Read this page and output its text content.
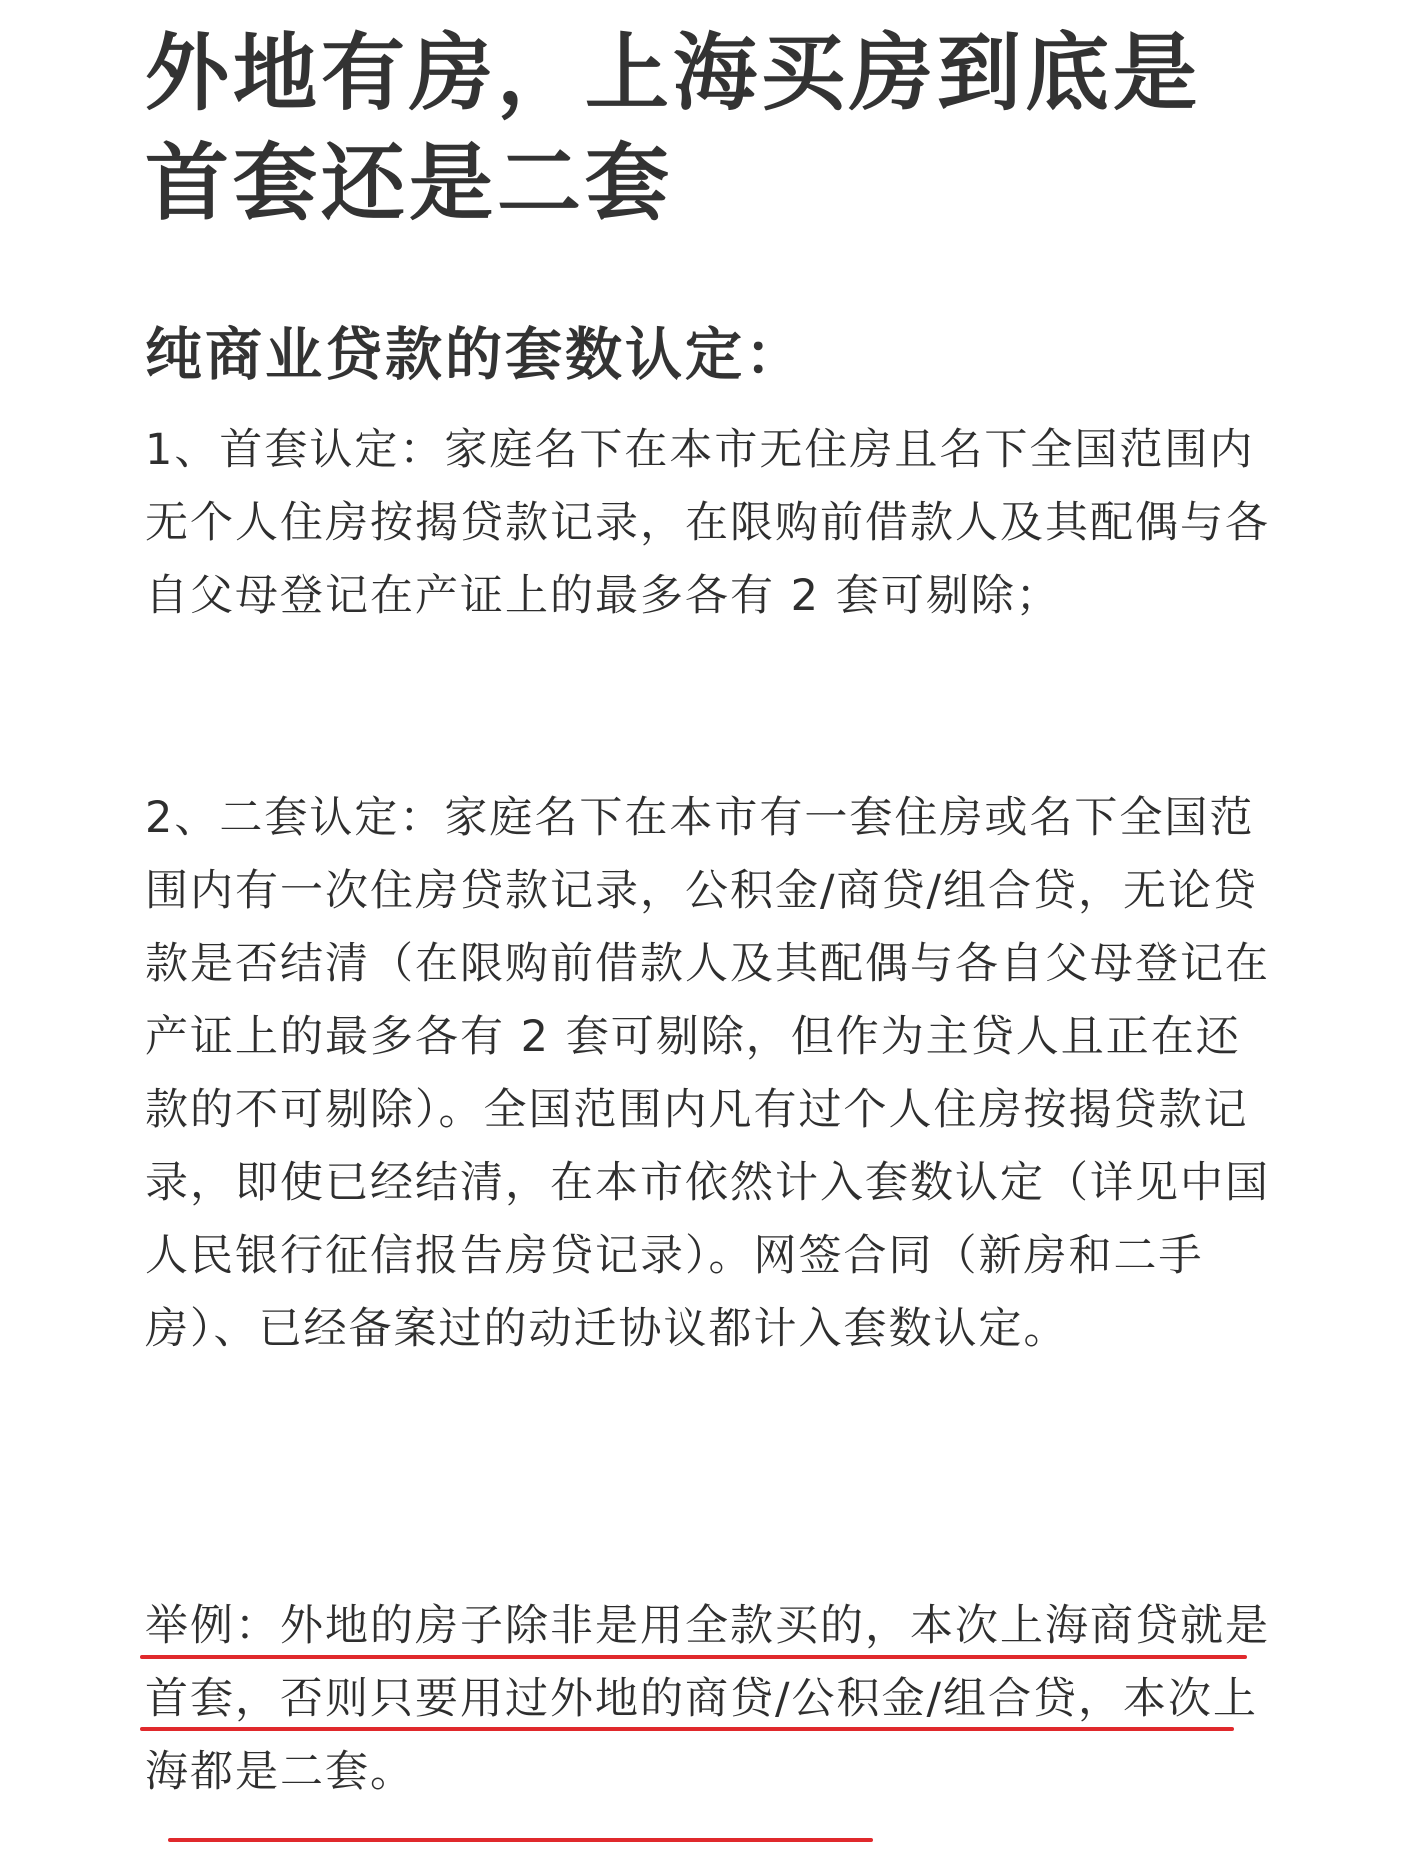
外地有房，上海买房到底是首套还是二套
纯商业贷款的套数认定：

1、首套认定：家庭名下在本市无住房且名下全国范围内无个人住房按揭贷款记录，在限购前借款人及其配偶与各自父母登记在产证上的最多各有 2 套可剔除；

2、二套认定：家庭名下在本市有一套住房或名下全国范围内有一次住房贷款记录，公积金/商贷/组合贷，无论贷款是否结清（在限购前借款人及其配偶与各自父母登记在产证上的最多各有 2 套可剔除，但作为主贷人且正在还款的不可剔除）。全国范围内凡有过个人住房按揭贷款记录，即使已经结清，在本市依然计入套数认定（详见中国人民银行征信报告房贷记录）。网签合同（新房和二手房）、已经备案过的动迁协议都计入套数认定。

举例：外地的房子除非是用全款买的，本次上海商贷就是首套，否则只要用过外地的商贷/公积金/组合贷，本次上海都是二套。
